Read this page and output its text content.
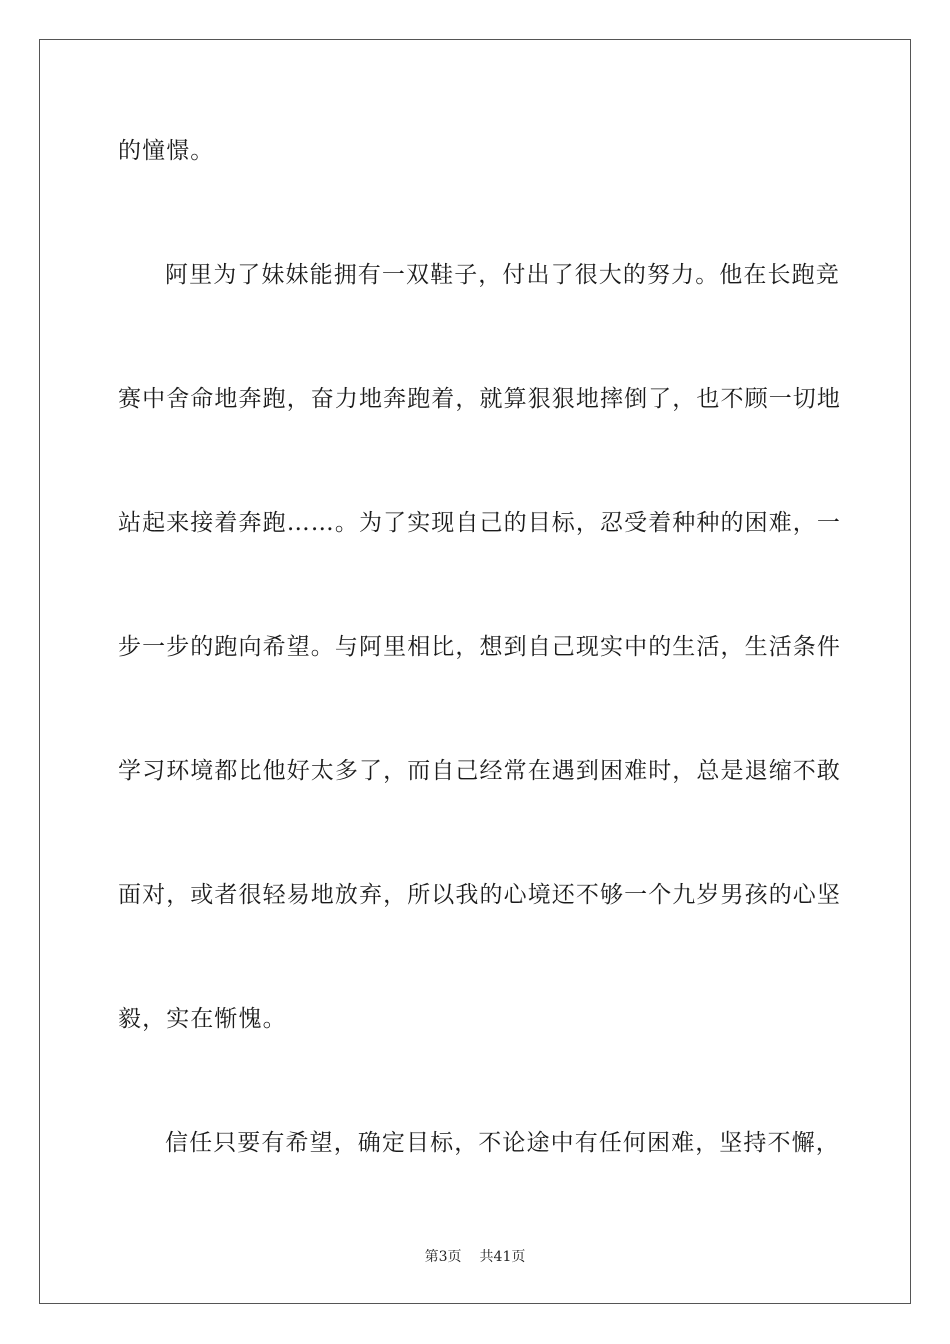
的憧憬。
阿里为了妹妹能拥有一双鞋子，付出了很大的努力。他在长跑竞
赛中舍命地奔跑，奋力地奔跑着，就算狠狠地摔倒了，也不顾一切地
站起来接着奔跑……。为了实现自己的目标，忍受着种种的困难，一
步一步的跑向希望。与阿里相比，想到自己现实中的生活，生活条件
学习环境都比他好太多了，而自己经常在遇到困难时，总是退缩不敢
面对，或者很轻易地放弃，所以我的心境还不够一个九岁男孩的心坚
毅，实在惭愧。
信任只要有希望，确定目标，不论途中有任何困难，坚持不懈，
第3页 共41页
